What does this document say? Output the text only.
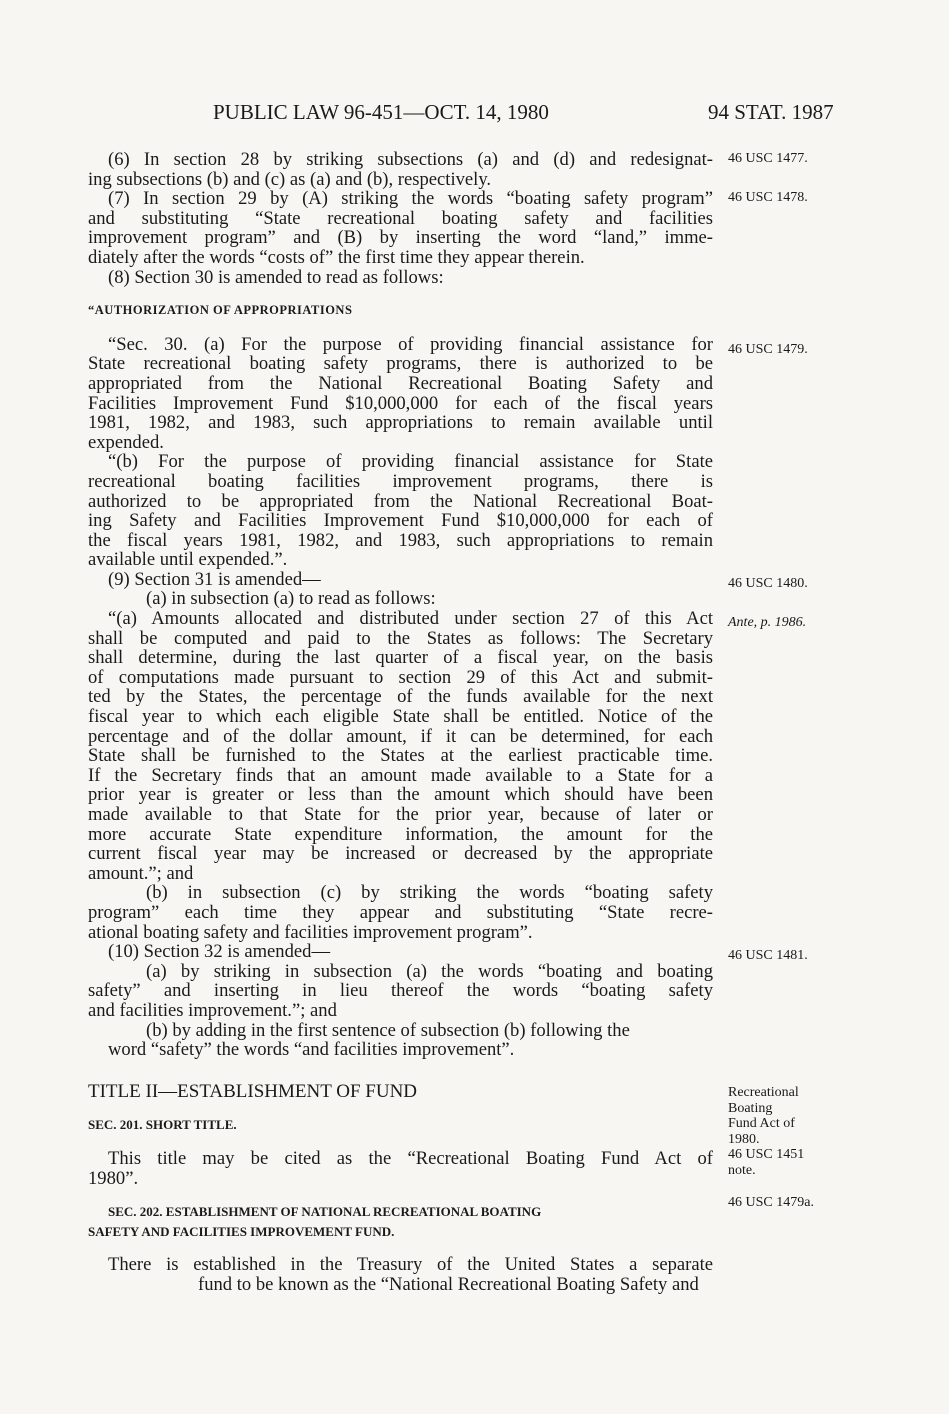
PUBLIC LAW 96-451—OCT. 14, 1980	94 STAT. 1987
(6) In section 28 by striking subsections (a) and (d) and redesignat-
ing subsections (b) and (c) as (a) and (b), respectively.
(7) In section 29 by (A) striking the words “boating safety program”
and substituting “State recreational boating safety and facilities
improvement program” and (B) by inserting the word “land,” imme-
diately after the words “costs of” the first time they appear therein.
(8) Section 30 is amended to read as follows:
“AUTHORIZATION OF APPROPRIATIONS
“Sec. 30. (a) For the purpose of providing financial assistance for
State recreational boating safety programs, there is authorized to be
appropriated from the National Recreational Boating Safety and
Facilities Improvement Fund $10,000,000 for each of the fiscal years
1981, 1982, and 1983, such appropriations to remain available until
expended.
“(b) For the purpose of providing financial assistance for State
recreational boating facilities improvement programs, there is
authorized to be appropriated from the National Recreational Boat-
ing Safety and Facilities Improvement Fund $10,000,000 for each of
the fiscal years 1981, 1982, and 1983, such appropriations to remain
available until expended.”.
(9) Section 31 is amended—
(a) in subsection (a) to read as follows:
“(a) Amounts allocated and distributed under section 27 of this Act
shall be computed and paid to the States as follows: The Secretary
shall determine, during the last quarter of a fiscal year, on the basis
of computations made pursuant to section 29 of this Act and submit-
ted by the States, the percentage of the funds available for the next
fiscal year to which each eligible State shall be entitled. Notice of the
percentage and of the dollar amount, if it can be determined, for each
State shall be furnished to the States at the earliest practicable time.
If the Secretary finds that an amount made available to a State for a
prior year is greater or less than the amount which should have been
made available to that State for the prior year, because of later or
more accurate State expenditure information, the amount for the
current fiscal year may be increased or decreased by the appropriate
amount.”; and
(b) in subsection (c) by striking the words “boating safety
program” each time they appear and substituting “State recre-
ational boating safety and facilities improvement program”.
(10) Section 32 is amended—
(a) by striking in subsection (a) the words “boating and boating
safety” and inserting in lieu thereof the words “boating safety
and facilities improvement.”; and
(b) by adding in the first sentence of subsection (b) following the
word “safety” the words “and facilities improvement”.
TITLE II—ESTABLISHMENT OF FUND
SEC. 201. SHORT TITLE.
This title may be cited as the “Recreational Boating Fund Act of
1980”.
SEC. 202. ESTABLISHMENT OF NATIONAL RECREATIONAL BOATING
SAFETY AND FACILITIES IMPROVEMENT FUND.
There is established in the Treasury of the United States a separate
fund to be known as the “National Recreational Boating Safety and
46 USC 1477.
46 USC 1478.
46 USC 1479.
46 USC 1480.
Ante, p. 1986.
46 USC 1481.
Recreational
Boating
Fund Act of
1980.
46 USC 1451
note.
46 USC 1479a.
